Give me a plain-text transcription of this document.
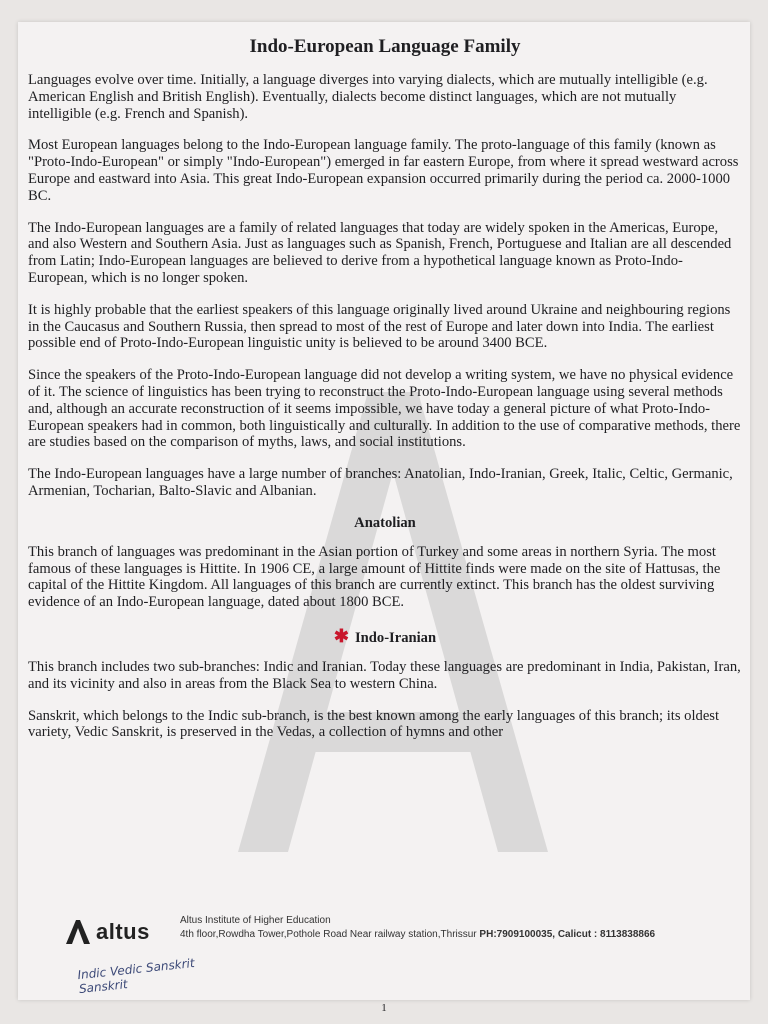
Indo-European Language Family

Languages evolve over time. Initially, a language diverges into varying dialects, which are mutually intelligible (e.g. American English and British English). Eventually, dialects become distinct languages, which are not mutually intelligible (e.g. French and Spanish).

Most European languages belong to the Indo-European language family. The proto-language of this family (known as "Proto-Indo-European" or simply "Indo-European") emerged in far eastern Europe, from where it spread westward across Europe and eastward into Asia. This great Indo-European expansion occurred primarily during the period ca. 2000-1000 BC.

The Indo-European languages are a family of related languages that today are widely spoken in the Americas, Europe, and also Western and Southern Asia. Just as languages such as Spanish, French, Portuguese and Italian are all descended from Latin; Indo-European languages are believed to derive from a hypothetical language known as Proto-Indo-European, which is no longer spoken.

It is highly probable that the earliest speakers of this language originally lived around Ukraine and neighbouring regions in the Caucasus and Southern Russia, then spread to most of the rest of Europe and later down into India. The earliest possible end of Proto-Indo-European linguistic unity is believed to be around 3400 BCE.

Since the speakers of the Proto-Indo-European language did not develop a writing system, we have no physical evidence of it. The science of linguistics has been trying to reconstruct the Proto-Indo-European language using several methods and, although an accurate reconstruction of it seems impossible, we have today a general picture of what Proto-Indo-European speakers had in common, both linguistically and culturally. In addition to the use of comparative methods, there are studies based on the comparison of myths, laws, and social institutions.

The Indo-European languages have a large number of branches: Anatolian, Indo-Iranian, Greek, Italic, Celtic, Germanic, Armenian, Tocharian, Balto-Slavic and Albanian.

Anatolian

This branch of languages was predominant in the Asian portion of Turkey and some areas in northern Syria. The most famous of these languages is Hittite. In 1906 CE, a large amount of Hittite finds were made on the site of Hattusas, the capital of the Hittite Kingdom. All languages of this branch are currently extinct. This branch has the oldest surviving evidence of an Indo-European language, dated about 1800 BCE.

✱ Indo-Iranian

This branch includes two sub-branches: Indic and Iranian. Today these languages are predominant in India, Pakistan, Iran, and its vicinity and also in areas from the Black Sea to western China.

Sanskrit, which belongs to the Indic sub-branch, is the best known among the early languages of this branch; its oldest variety, Vedic Sanskrit, is preserved in the Vedas, a collection of hymns and other

altus	Altus Institute of Higher Education
4th floor,Rowdha Tower,Pothole Road Near railway station,Thrissur PH:7909100035, Calicut : 8113838866
Indic Vedic Sanskrit
Sanskrit
1
